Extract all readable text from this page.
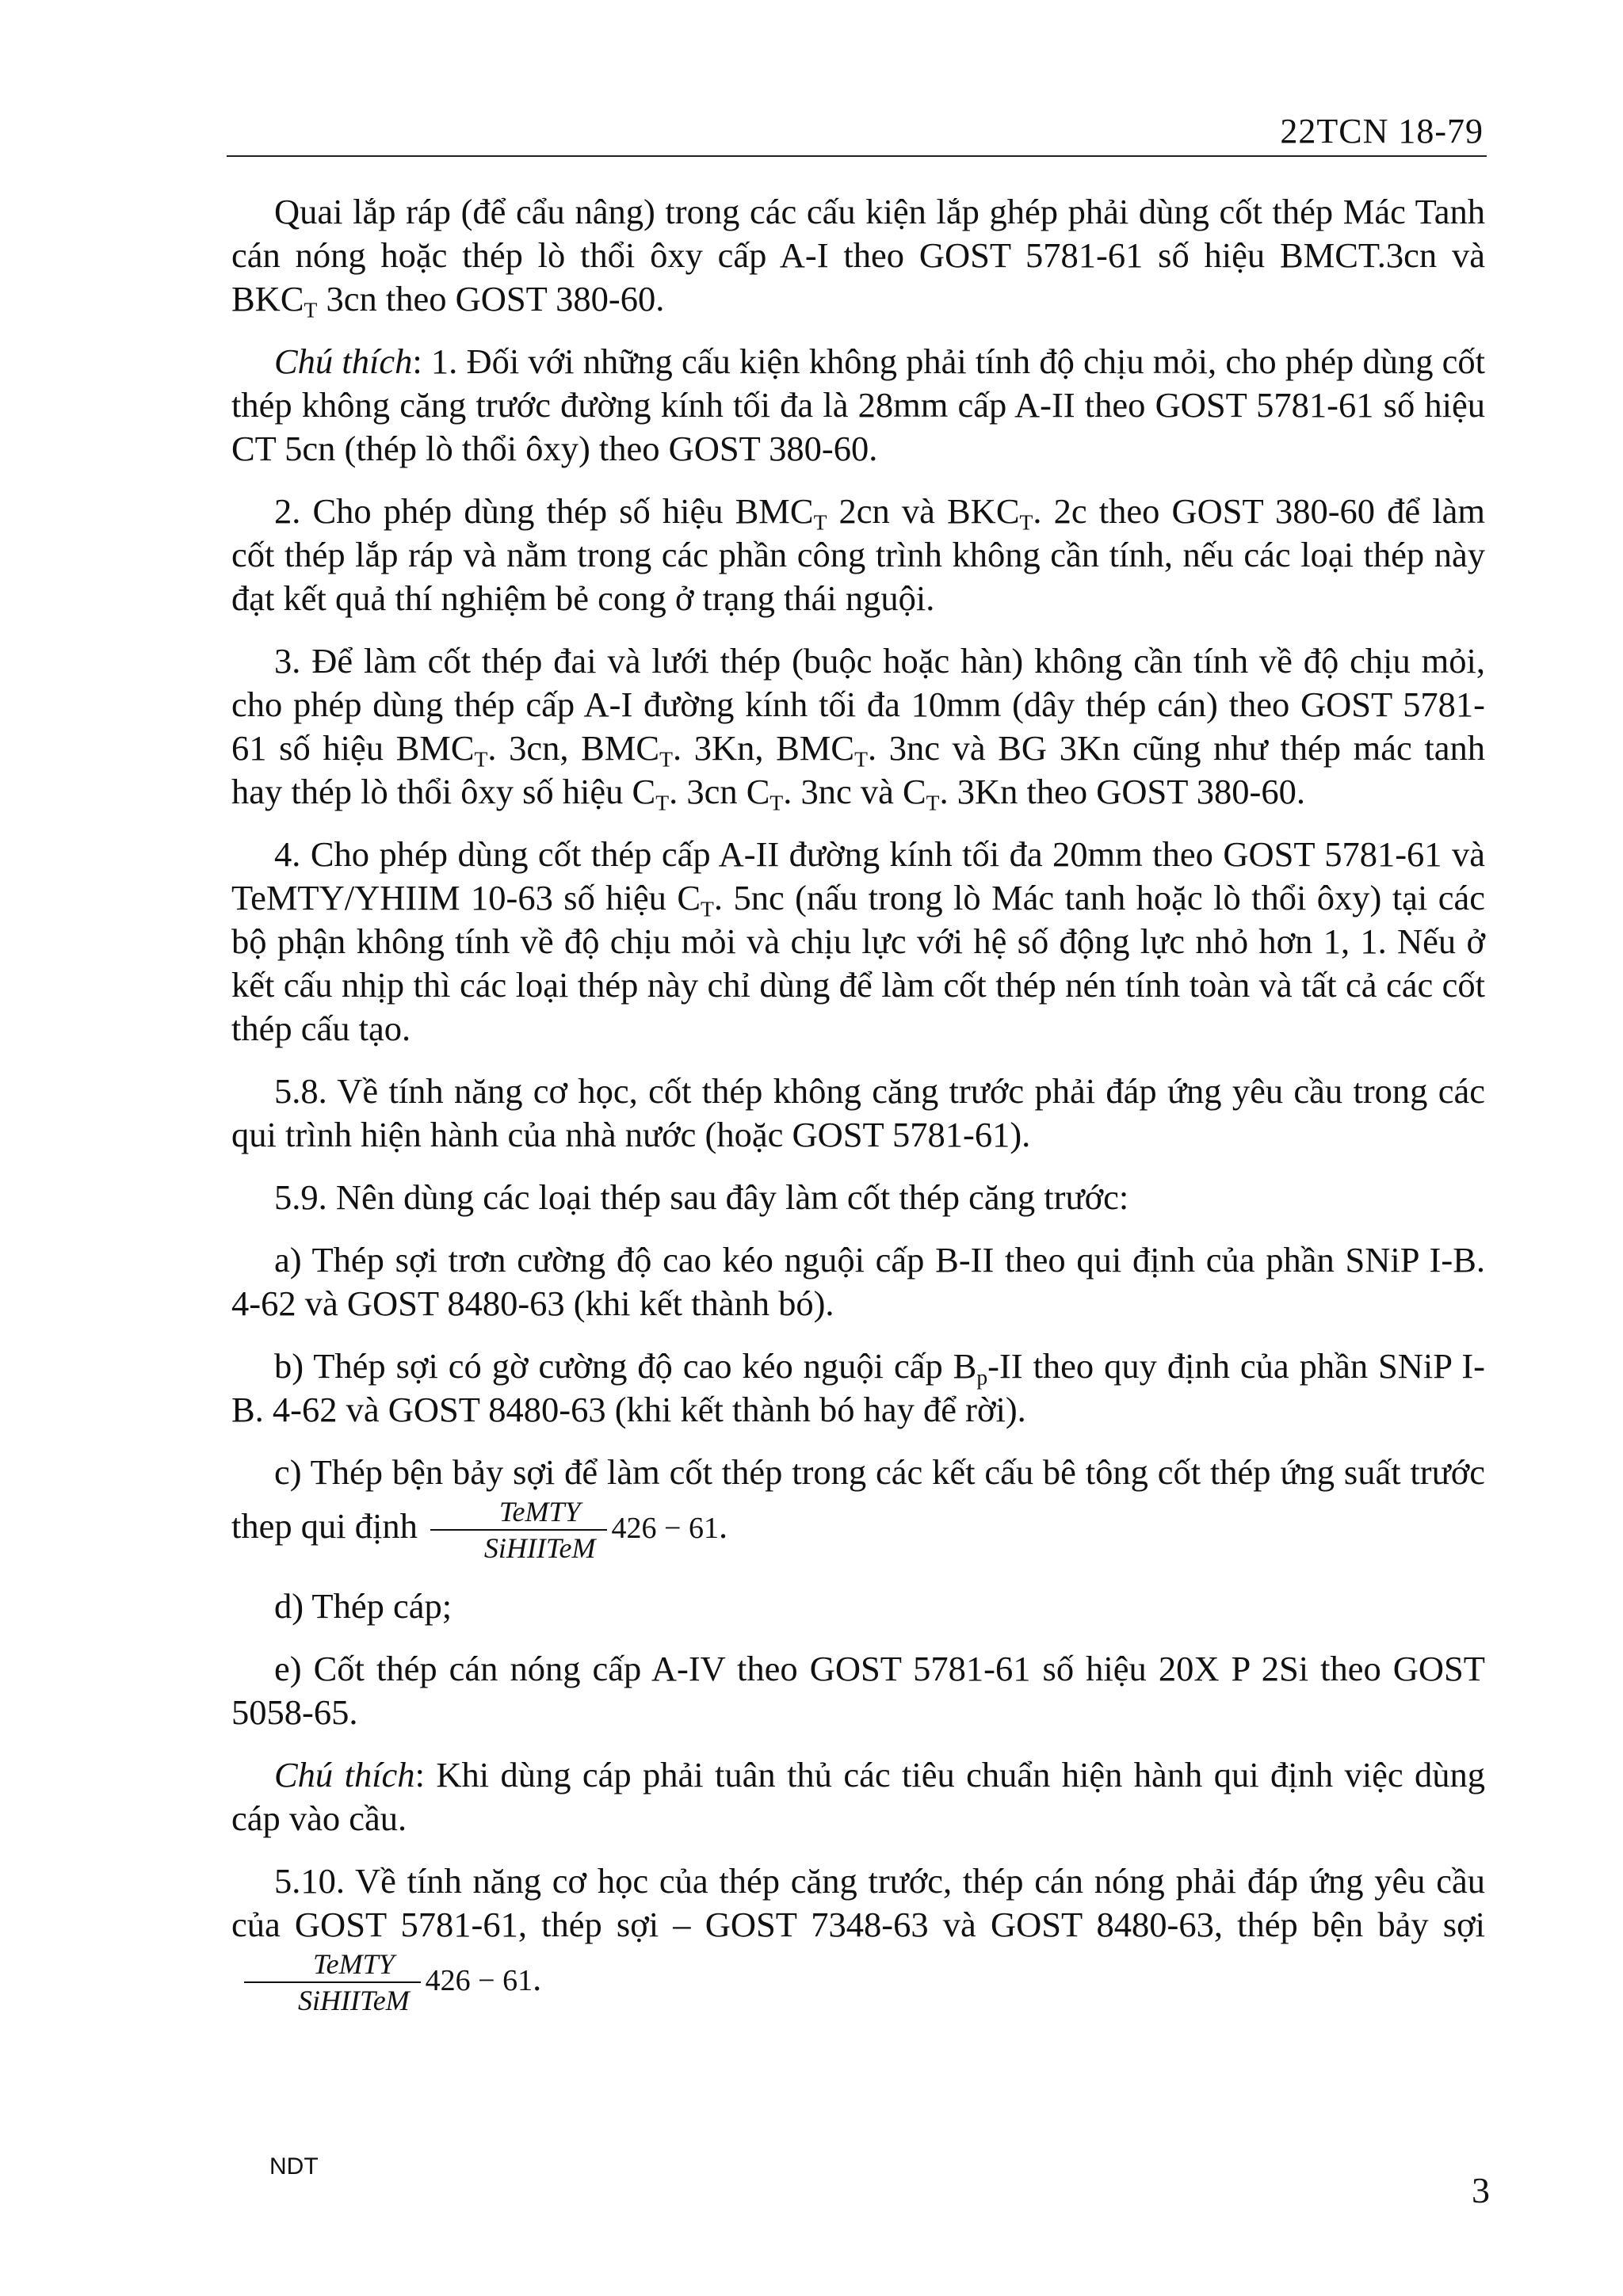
22TCN 18-79

Quai lắp ráp (để cẩu nâng) trong các cấu kiện lắp ghép phải dùng cốt thép Mác Tanh cán nóng hoặc thép lò thổi ôxy cấp A-I theo GOST 5781-61 số hiệu BMCT.3cn và $BKC_T$ 3cn theo GOST 380-60.

Chú thích: 1. Đối với những cấu kiện không phải tính độ chịu mỏi, cho phép dùng cốt thép không căng trước đường kính tối đa là 28mm cấp A-II theo GOST 5781-61 số hiệu CT 5cn (thép lò thổi ôxy) theo GOST 380-60.

2. Cho phép dùng thép số hiệu $BMC_T$ 2cn và $BKC_T$. 2c theo GOST 380-60 để làm cốt thép lắp ráp và nằm trong các phần công trình không cần tính, nếu các loại thép này đạt kết quả thí nghiệm bẻ cong ở trạng thái nguội.

3. Để làm cốt thép đai và lưới thép (buộc hoặc hàn) không cần tính về độ chịu mỏi, cho phép dùng thép cấp A-I đường kính tối đa 10mm (dây thép cán) theo GOST 5781-61 số hiệu $BMC_T$. 3cn, $BMC_T$. 3Kn, $BMC_T$. 3nc và BG 3Kn cũng như thép mác tanh hay thép lò thổi ôxy số hiệu $C_T$. 3cn $C_T$. 3nc và $C_T$. 3Kn theo GOST 380-60.

4. Cho phép dùng cốt thép cấp A-II đường kính tối đa 20mm theo GOST 5781-61 và TeMTY/YHIIM 10-63 số hiệu $C_T$. 5nc (nấu trong lò Mác tanh hoặc lò thổi ôxy) tại các bộ phận không tính về độ chịu mỏi và chịu lực với hệ số động lực nhỏ hơn 1, 1. Nếu ở kết cấu nhịp thì các loại thép này chỉ dùng để làm cốt thép nén tính toàn và tất cả các cốt thép cấu tạo.

5.8. Về tính năng cơ học, cốt thép không căng trước phải đáp ứng yêu cầu trong các qui trình hiện hành của nhà nước (hoặc GOST 5781-61).

5.9. Nên dùng các loại thép sau đây làm cốt thép căng trước:

a) Thép sợi trơn cường độ cao kéo nguội cấp B-II theo qui định của phần SNiP I-B. 4-62 và GOST 8480-63 (khi kết thành bó).

b) Thép sợi có gờ cường độ cao kéo nguội cấp $B_p-II$ theo quy định của phần SNiP I-B. 4-62 và GOST 8480-63 (khi kết thành bó hay để rời).

c) Thép bện bảy sợi để làm cốt thép trong các kết cấu bê tông cốt thép ứng suất trước thep qui định $\frac{\text{TeMTY}}{\text{SiHIITeM}} 426 - 61$.

d) Thép cáp;

e) Cốt thép cán nóng cấp A-IV theo GOST 5781-61 số hiệu 20X P 2Si theo GOST 5058-65.

Chú thích: Khi dùng cáp phải tuân thủ các tiêu chuẩn hiện hành qui định việc dùng cáp vào cầu.

5.10. Về tính năng cơ học của thép căng trước, thép cán nóng phải đáp ứng yêu cầu của GOST 5781-61, thép sợi – GOST 7348-63 và GOST 8480-63, thép bện bảy sợi
$\frac{\text{TeMTY}}{\text{SiHIITeM}} 426 - 61$.

NDT
3
